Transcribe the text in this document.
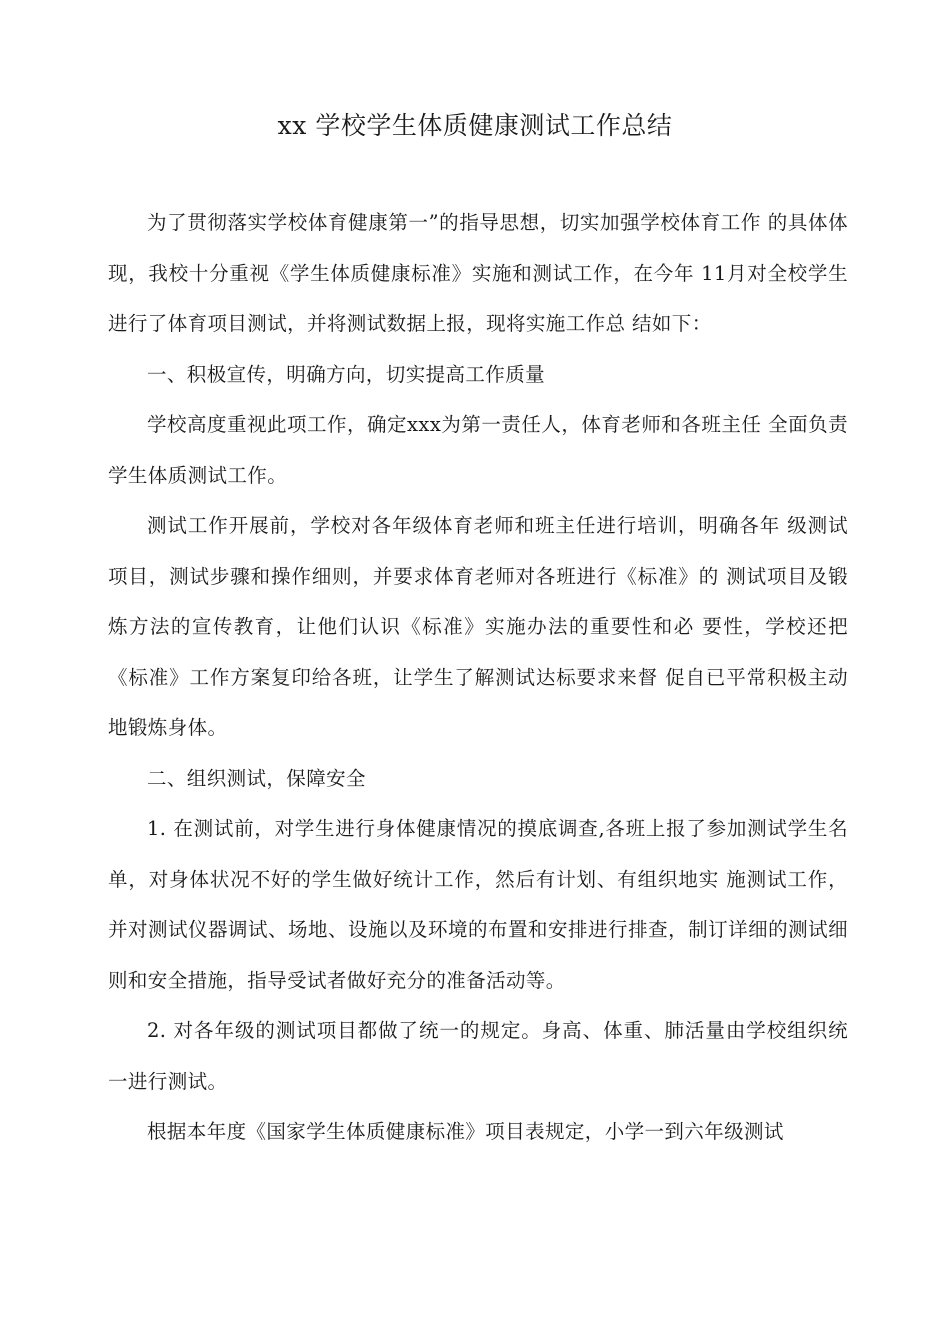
xx 学校学生体质健康测试工作总结

为了贯彻落实学校体育健康第一”的指导思想，切实加强学校体育工作 的具体体现，我校十分重视《学生体质健康标准》实施和测试工作，在今年 11月对全校学生进行了体育项目测试，并将测试数据上报，现将实施工作总 结如下：

一、积极宣传，明确方向，切实提高工作质量

学校高度重视此项工作，确定xxx为第一责任人，体育老师和各班主任 全面负责学生体质测试工作。

测试工作开展前，学校对各年级体育老师和班主任进行培训，明确各年 级测试项目，测试步骤和操作细则，并要求体育老师对各班进行《标准》的 测试项目及锻炼方法的宣传教育，让他们认识《标准》实施办法的重要性和必 要性，学校还把《标准》工作方案复印给各班，让学生了解测试达标要求来督 促自已平常积极主动地锻炼身体。

二、组织测试，保障安全

1. 在测试前，对学生进行身体健康情况的摸底调查,各班上报了参加测试学生名单，对身体状况不好的学生做好统计工作，然后有计划、有组织地实 施测试工作，并对测试仪器调试、场地、设施以及环境的布置和安排进行排查，制订详细的测试细则和安全措施，指导受试者做好充分的准备活动等。

2. 对各年级的测试项目都做了统一的规定。身高、体重、肺活量由学校组织统一进行测试。

根据本年度《国家学生体质健康标准》项目表规定，小学一到六年级测试
